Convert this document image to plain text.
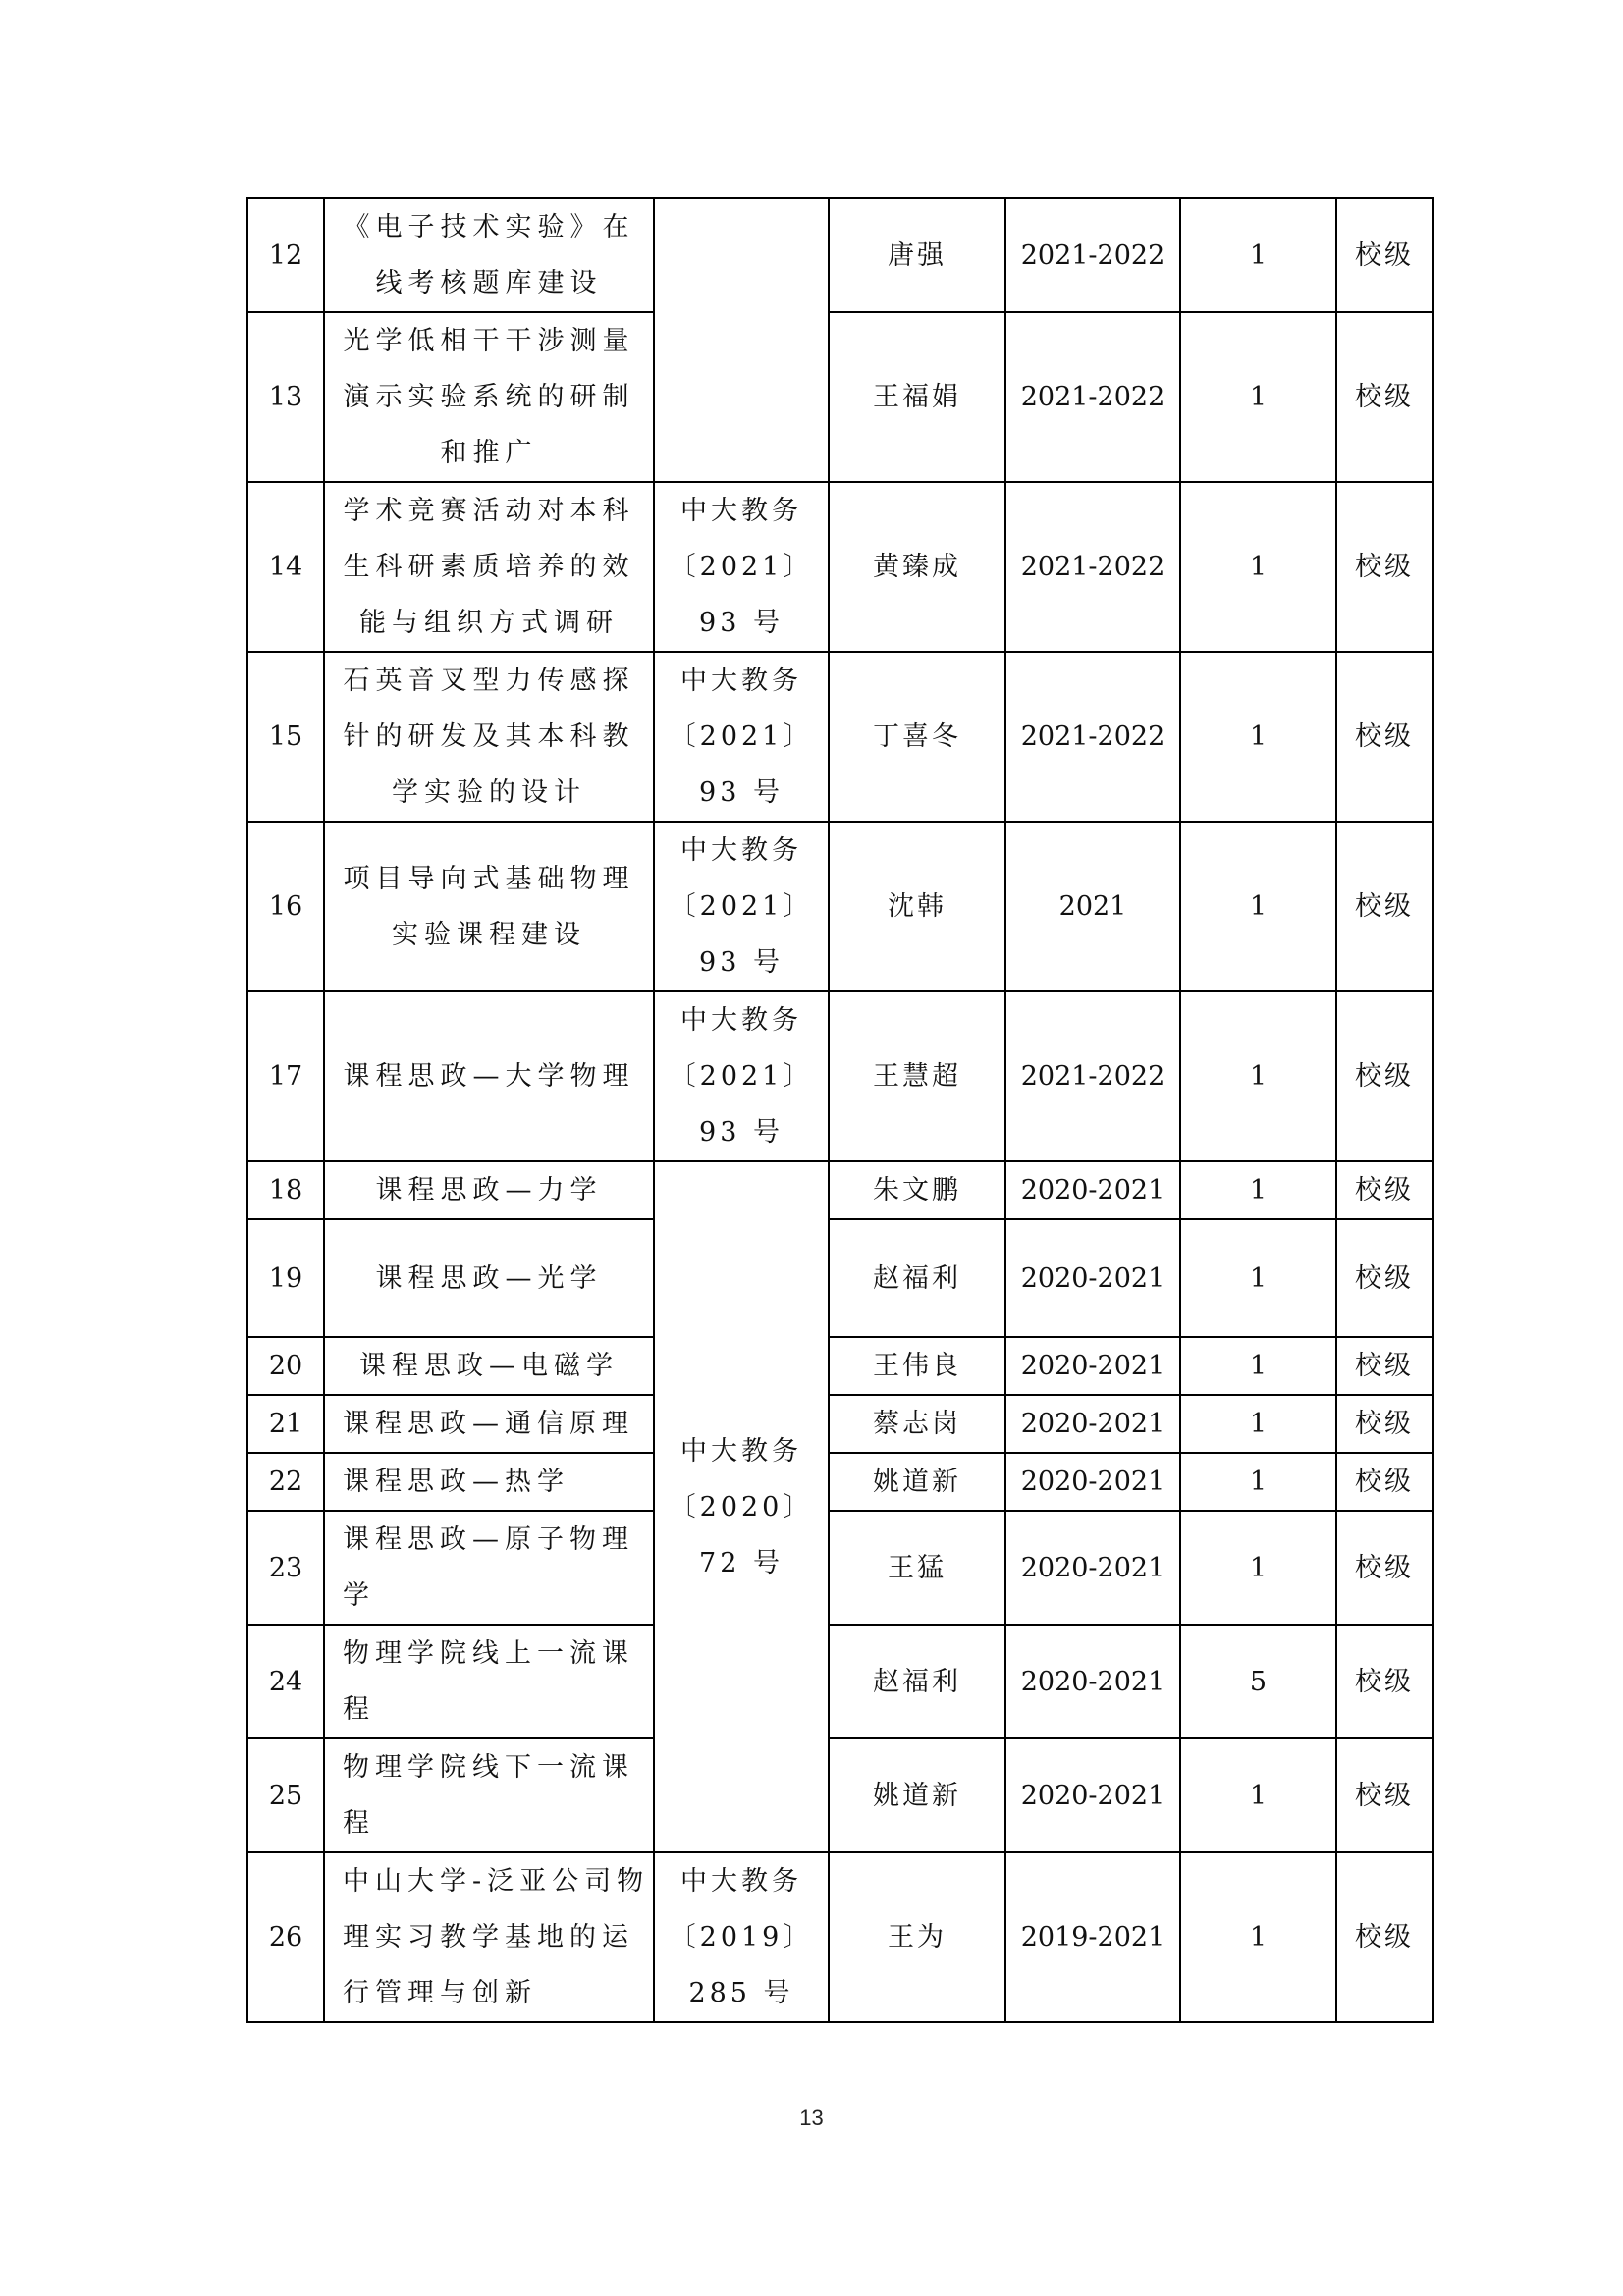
12	《电子技术实验》在
线考核题库建设		唐强	2021-2022	1	校级
13	光学低相干干涉测量
演示实验系统的研制
和推广		王福娟	2021-2022	1	校级
14	学术竞赛活动对本科
生科研素质培养的效
能与组织方式调研	中大教务
〔2021〕
93 号	黄臻成	2021-2022	1	校级
15	石英音叉型力传感探
针的研发及其本科教
学实验的设计	中大教务
〔2021〕
93 号	丁喜冬	2021-2022	1	校级
16	项目导向式基础物理
实验课程建设	中大教务
〔2021〕
93 号	沈韩	2021	1	校级
17	课程思政—大学物理	中大教务
〔2021〕
93 号	王慧超	2021-2022	1	校级
18	课程思政—力学	中大教务
〔2020〕
72 号	朱文鹏	2020-2021	1	校级
19	课程思政—光学		赵福利	2020-2021	1	校级
20	课程思政—电磁学		王伟良	2020-2021	1	校级
21	课程思政—通信原理		蔡志岗	2020-2021	1	校级
22	课程思政—热学		姚道新	2020-2021	1	校级
23	课程思政—原子物理
学		王猛	2020-2021	1	校级
24	物理学院线上一流课
程		赵福利	2020-2021	5	校级
25	物理学院线下一流课
程		姚道新	2020-2021	1	校级
26	中山大学-泛亚公司物
理实习教学基地的运
行管理与创新	中大教务
〔2019〕
285 号	王为	2019-2021	1	校级
13
